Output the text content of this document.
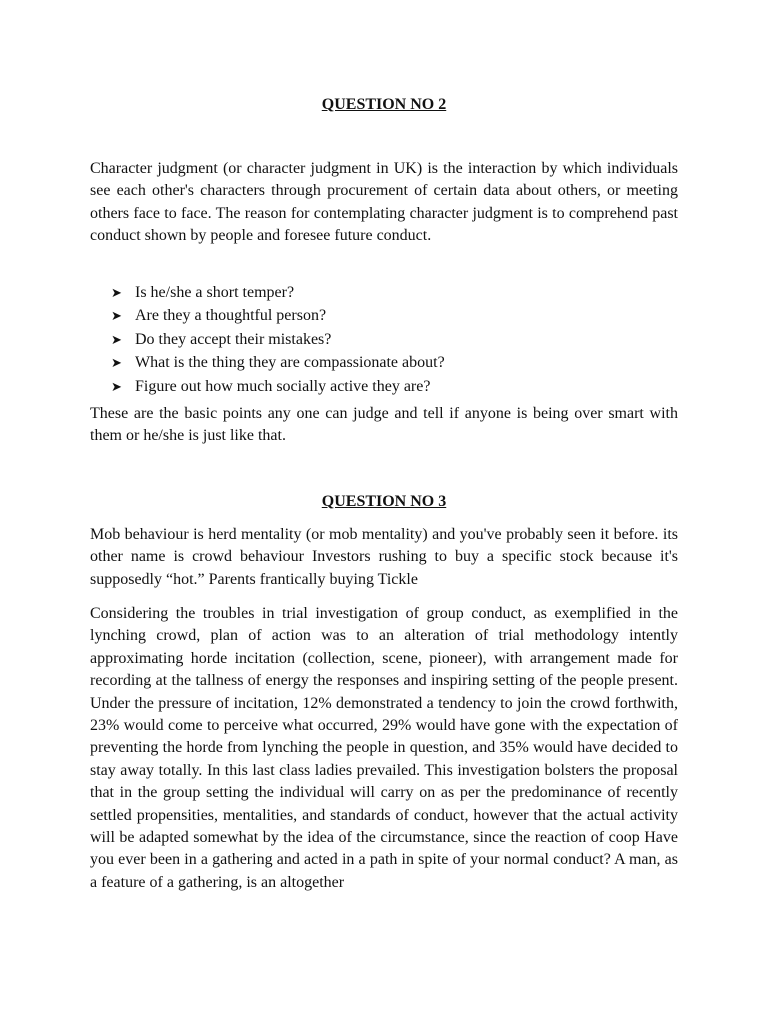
QUESTION NO 2

Character judgment (or character judgment in UK) is the interaction by which individuals see each other's characters through procurement of certain data about others, or meeting others face to face. The reason for contemplating character judgment is to comprehend past conduct shown by people and foresee future conduct.

➤ Is he/she a short temper?
➤ Are they a thoughtful person?
➤ Do they accept their mistakes?
➤ What is the thing they are compassionate about?
➤ Figure out how much socially active they are?

These are the basic points any one can judge and tell if anyone is being over smart with them or he/she is just like that.

QUESTION NO 3

Mob behaviour is herd mentality (or mob mentality) and you've probably seen it before. its other name is crowd behaviour Investors rushing to buy a specific stock because it's supposedly “hot.” Parents frantically buying Tickle

Considering the troubles in trial investigation of group conduct, as exemplified in the lynching crowd, plan of action was to an alteration of trial methodology intently approximating horde incitation (collection, scene, pioneer), with arrangement made for recording at the tallness of energy the responses and inspiring setting of the people present. Under the pressure of incitation, 12% demonstrated a tendency to join the crowd forthwith, 23% would come to perceive what occurred, 29% would have gone with the expectation of preventing the horde from lynching the people in question, and 35% would have decided to stay away totally. In this last class ladies prevailed. This investigation bolsters the proposal that in the group setting the individual will carry on as per the predominance of recently settled propensities, mentalities, and standards of conduct, however that the actual activity will be adapted somewhat by the idea of the circumstance, since the reaction of coop Have you ever been in a gathering and acted in a path in spite of your normal conduct? A man, as a feature of a gathering, is an altogether
